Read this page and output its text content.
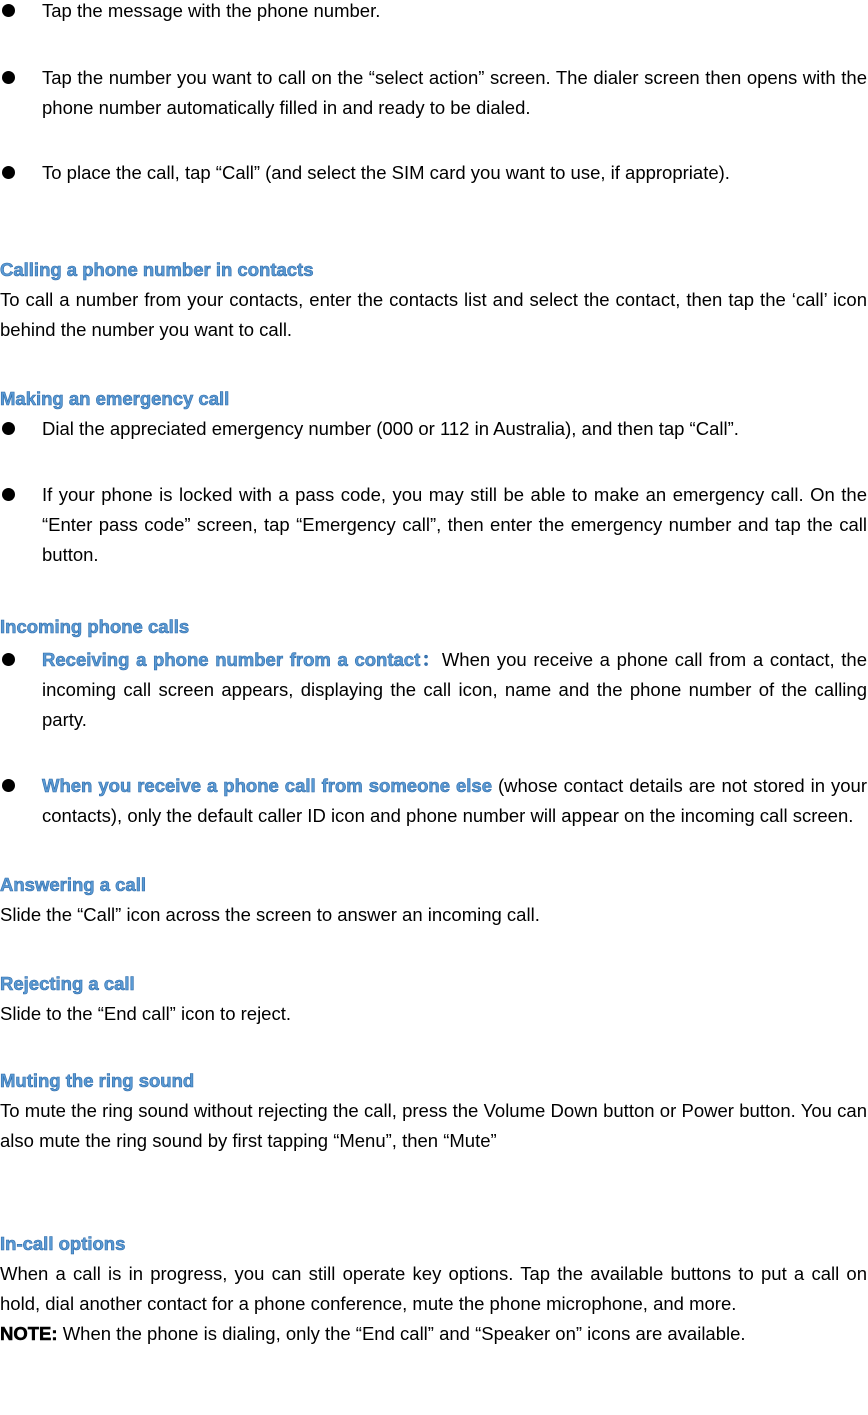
Tap the message with the phone number.

Tap the number you want to call on the “select action” screen. The dialer screen then opens with the phone number automatically filled in and ready to be dialed.

To place the call, tap “Call” (and select the SIM card you want to use, if appropriate).

Calling a phone number in contacts

To call a number from your contacts, enter the contacts list and select the contact, then tap the ‘call’ icon behind the number you want to call.

Making an emergency call

Dial the appreciated emergency number (000 or 112 in Australia), and then tap “Call”.

If your phone is locked with a pass code, you may still be able to make an emergency call. On the “Enter pass code” screen, tap “Emergency call”, then enter the emergency number and tap the call button.

Incoming phone calls

Receiving a phone number from a contact：When you receive a phone call from a contact, the incoming call screen appears, displaying the call icon, name and the phone number of the calling party.

When you receive a phone call from someone else (whose contact details are not stored in your contacts), only the default caller ID icon and phone number will appear on the incoming call screen.

Answering a call

Slide the “Call” icon across the screen to answer an incoming call.

Rejecting a call

Slide to the “End call” icon to reject.

Muting the ring sound

To mute the ring sound without rejecting the call, press the Volume Down button or Power button. You can also mute the ring sound by first tapping “Menu”, then “Mute”

In-call options

When a call is in progress, you can still operate key options. Tap the available buttons to put a call on hold, dial another contact for a phone conference, mute the phone microphone, and more.

NOTE: When the phone is dialing, only the “End call” and “Speaker on” icons are available.
